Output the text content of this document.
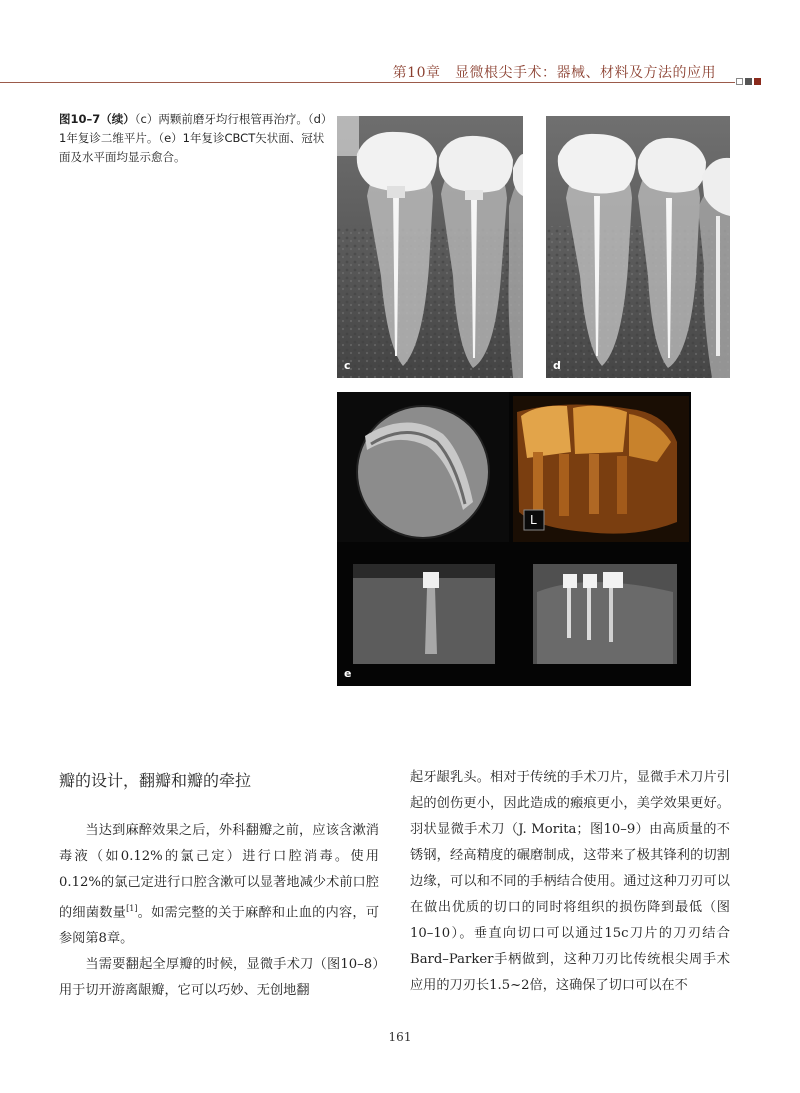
第10章　显微根尖手术：器械、材料及方法的应用
图10–7（续）（c）两颗前磨牙均行根管再治疗。（d）1年复诊二维平片。（e）1年复诊CBCT矢状面、冠状面及水平面均显示愈合。
c	d
L
e
瓣的设计，翻瓣和瓣的牵拉

当达到麻醉效果之后，外科翻瓣之前，应该含漱消毒液（如0.12%的氯己定）进行口腔消毒。使用0.12%的氯己定进行口腔含漱可以显著地减少术前口腔的细菌数量[1]。如需完整的关于麻醉和止血的内容，可参阅第8章。

当需要翻起全厚瓣的时候，显微手术刀（图10–8）用于切开游离龈瓣，它可以巧妙、无创地翻

起牙龈乳头。相对于传统的手术刀片，显微手术刀片引起的创伤更小，因此造成的瘢痕更小，美学效果更好。羽状显微手术刀（J. Morita；图10–9）由高质量的不锈钢，经高精度的碾磨制成，这带来了极其锋利的切割边缘，可以和不同的手柄结合使用。通过这种刀刃可以在做出优质的切口的同时将组织的损伤降到最低（图10–10）。垂直向切口可以通过15c刀片的刀刃结合Bard–Parker手柄做到，这种刀刃比传统根尖周手术应用的刀刃长1.5~2倍，这确保了切口可以在不

161
